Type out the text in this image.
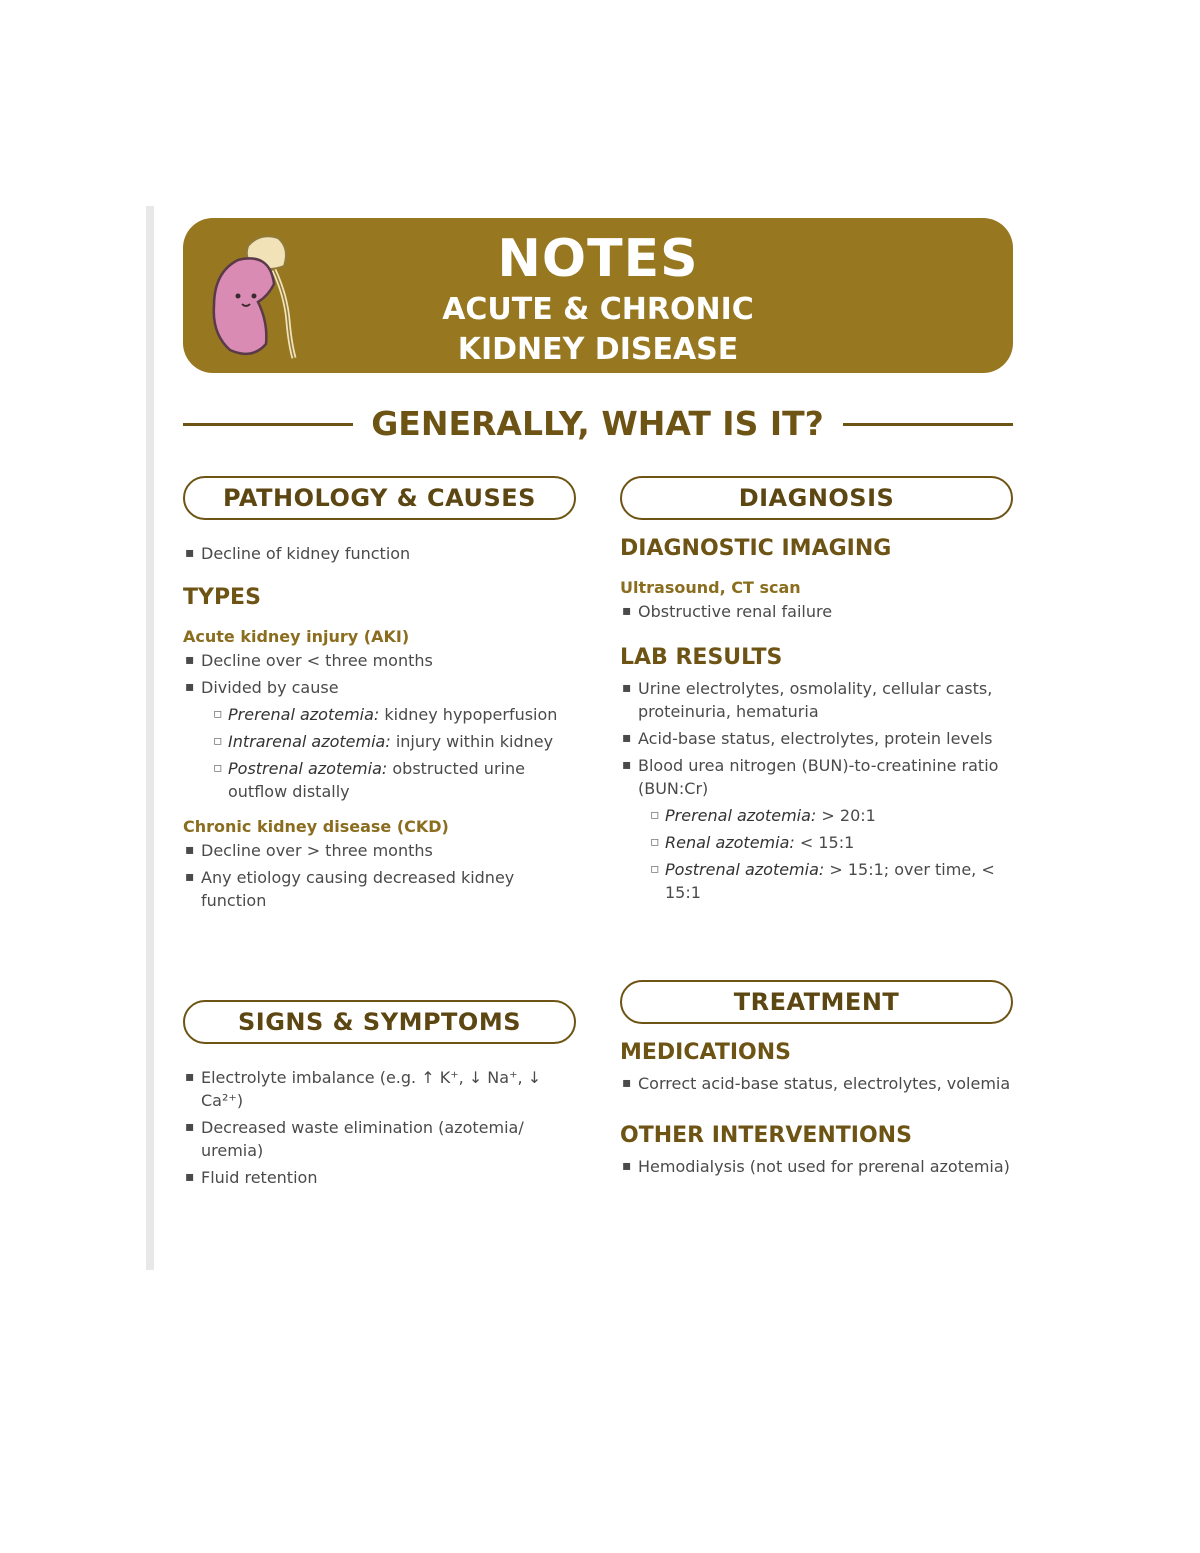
NOTES
ACUTE & CHRONIC
KIDNEY DISEASE
GENERALLY, WHAT IS IT?
PATHOLOGY & CAUSES
▪ Decline of kidney function
TYPES
Acute kidney injury (AKI)
▪ Decline over < three months
▪ Divided by cause
▫ Prerenal azotemia: kidney hypoperfusion
▫ Intrarenal azotemia: injury within kidney
▫ Postrenal azotemia: obstructed urine outflow distally
Chronic kidney disease (CKD)
▪ Decline over > three months
▪ Any etiology causing decreased kidney function
SIGNS & SYMPTOMS
▪ Electrolyte imbalance (e.g. ↑ K⁺, ↓ Na⁺, ↓ Ca²⁺)
▪ Decreased waste elimination (azotemia/ uremia)
▪ Fluid retention
DIAGNOSIS
DIAGNOSTIC IMAGING
Ultrasound, CT scan
▪ Obstructive renal failure
LAB RESULTS
▪ Urine electrolytes, osmolality, cellular casts, proteinuria, hematuria
▪ Acid-base status, electrolytes, protein levels
▪ Blood urea nitrogen (BUN)-to-creatinine ratio (BUN:Cr)
▫ Prerenal azotemia: > 20:1
▫ Renal azotemia: < 15:1
▫ Postrenal azotemia: > 15:1; over time, < 15:1
TREATMENT
MEDICATIONS
▪ Correct acid-base status, electrolytes, volemia
OTHER INTERVENTIONS
▪ Hemodialysis (not used for prerenal azotemia)
